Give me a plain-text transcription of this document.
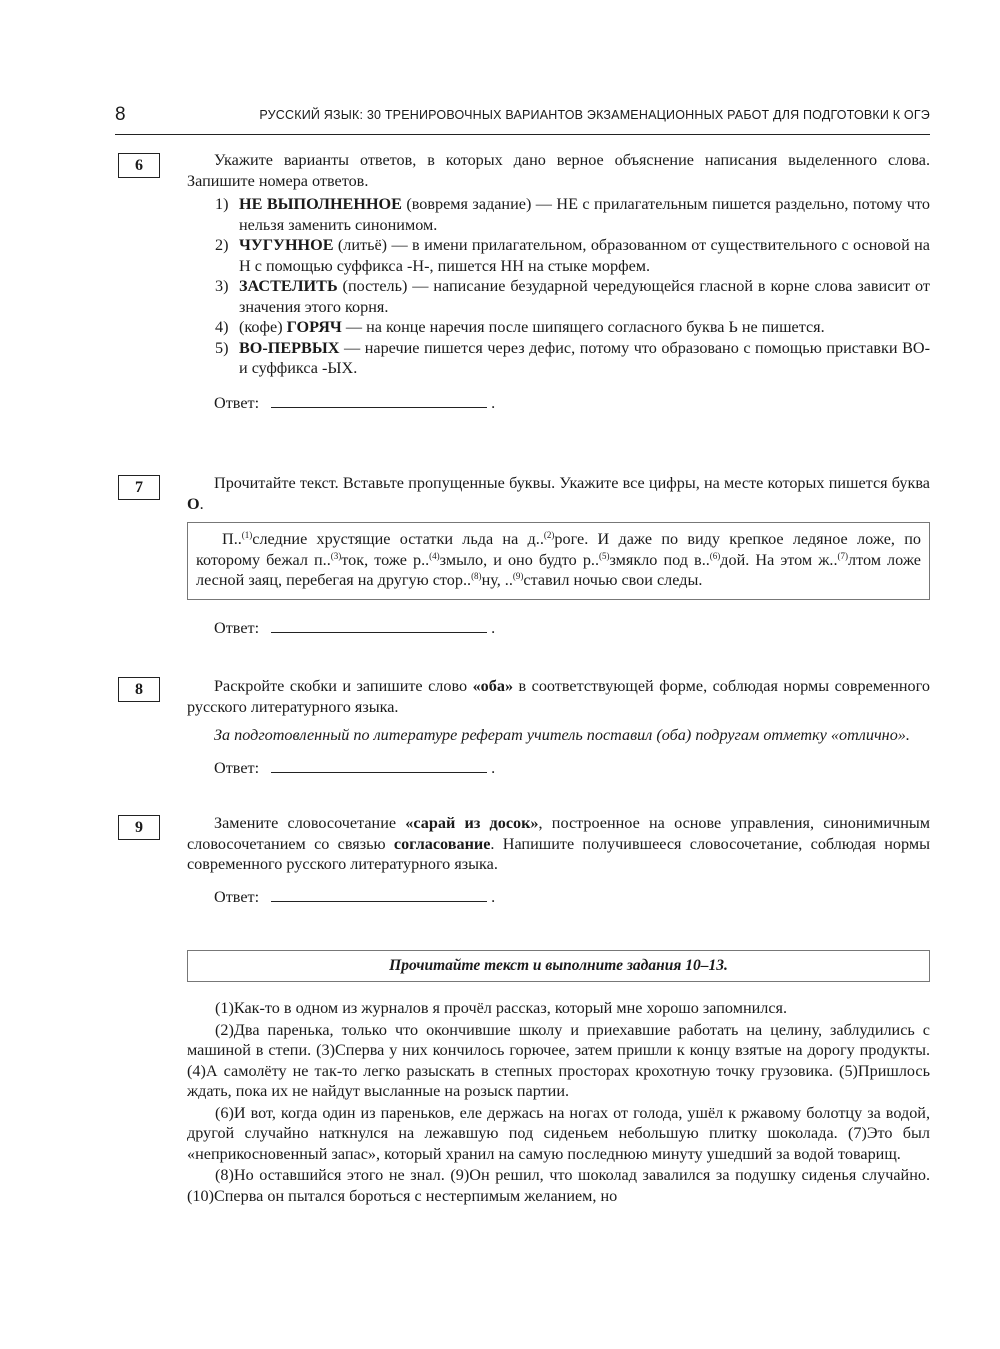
8	РУССКИЙ ЯЗЫК: 30 ТРЕНИРОВОЧНЫХ ВАРИАНТОВ ЭКЗАМЕНАЦИОННЫХ РАБОТ ДЛЯ ПОДГОТОВКИ К ОГЭ
6	Укажите варианты ответов, в которых дано верное объяснение написания выделенного слова. Запишите номера ответов.

1) НЕ ВЫПОЛНЕННОЕ (вовремя задание) — НЕ с прилагательным пишется раздельно, потому что нельзя заменить синонимом.
2) ЧУГУННОЕ (литьё) — в имени прилагательном, образованном от существительного с основой на Н с помощью суффикса -Н-, пишется НН на стыке морфем.
3) ЗАСТЕЛИТЬ (постель) — написание безударной чередующейся гласной в корне слова зависит от значения этого корня.
4) (кофе) ГОРЯЧ — на конце наречия после шипящего согласного буква Ь не пишется.
5) ВО-ПЕРВЫХ — наречие пишется через дефис, потому что образовано с помощью приставки ВО- и суффикса -ЫХ.
Ответ:	.
7	Прочитайте текст. Вставьте пропущенные буквы. Укажите все цифры, на месте которых пишется буква О.

П..$^{(1)}$следние хрустящие остатки льда на д..$^{(2)}$роге. И даже по виду крепкое ледяное ложе, по которому бежал п..$^{(3)}$ток, тоже р..$^{(4)}$змыло, и оно будто р..$^{(5)}$змякло под в..$^{(6)}$дой. На этом ж..$^{(7)}$лтом ложе лесной заяц, перебегая на другую стор..$^{(8)}$ну, ..$^{(9)}$ставил ночью свои следы.

Ответ:	.
8	Раскройте скобки и запишите слово «оба» в соответствующей форме, соблюдая нормы современного русского литературного языка.

За подготовленный по литературе реферат учитель поставил (оба) подругам отметку «отлично».

Ответ:	.
9	Замените словосочетание «сарай из досок», построенное на основе управления, синонимичным словосочетанием со связью согласование. Напишите получившееся словосочетание, соблюдая нормы современного русского литературного языка.

Ответ:	.
Прочитайте текст и выполните задания 10–13.

(1)Как-то в одном из журналов я прочёл рассказ, который мне хорошо запомнился.

(2)Два паренька, только что окончившие школу и приехавшие работать на целину, заблудились с машиной в степи. (3)Сперва у них кончилось горючее, затем пришли к концу взятые на дорогу продукты. (4)А самолёту не так-то легко разыскать в степных просторах крохотную точку грузовика. (5)Пришлось ждать, пока их не найдут высланные на розыск партии.

(6)И вот, когда один из пареньков, еле держась на ногах от голода, ушёл к ржавому болотцу за водой, другой случайно наткнулся на лежавшую под сиденьем небольшую плитку шоколада. (7)Это был «неприкосновенный запас», который хранил на самую последнюю минуту ушедший за водой товарищ.

(8)Но оставшийся этого не знал. (9)Он решил, что шоколад завалился за подушку сиденья случайно. (10)Сперва он пытался бороться с нестерпимым желанием, но
